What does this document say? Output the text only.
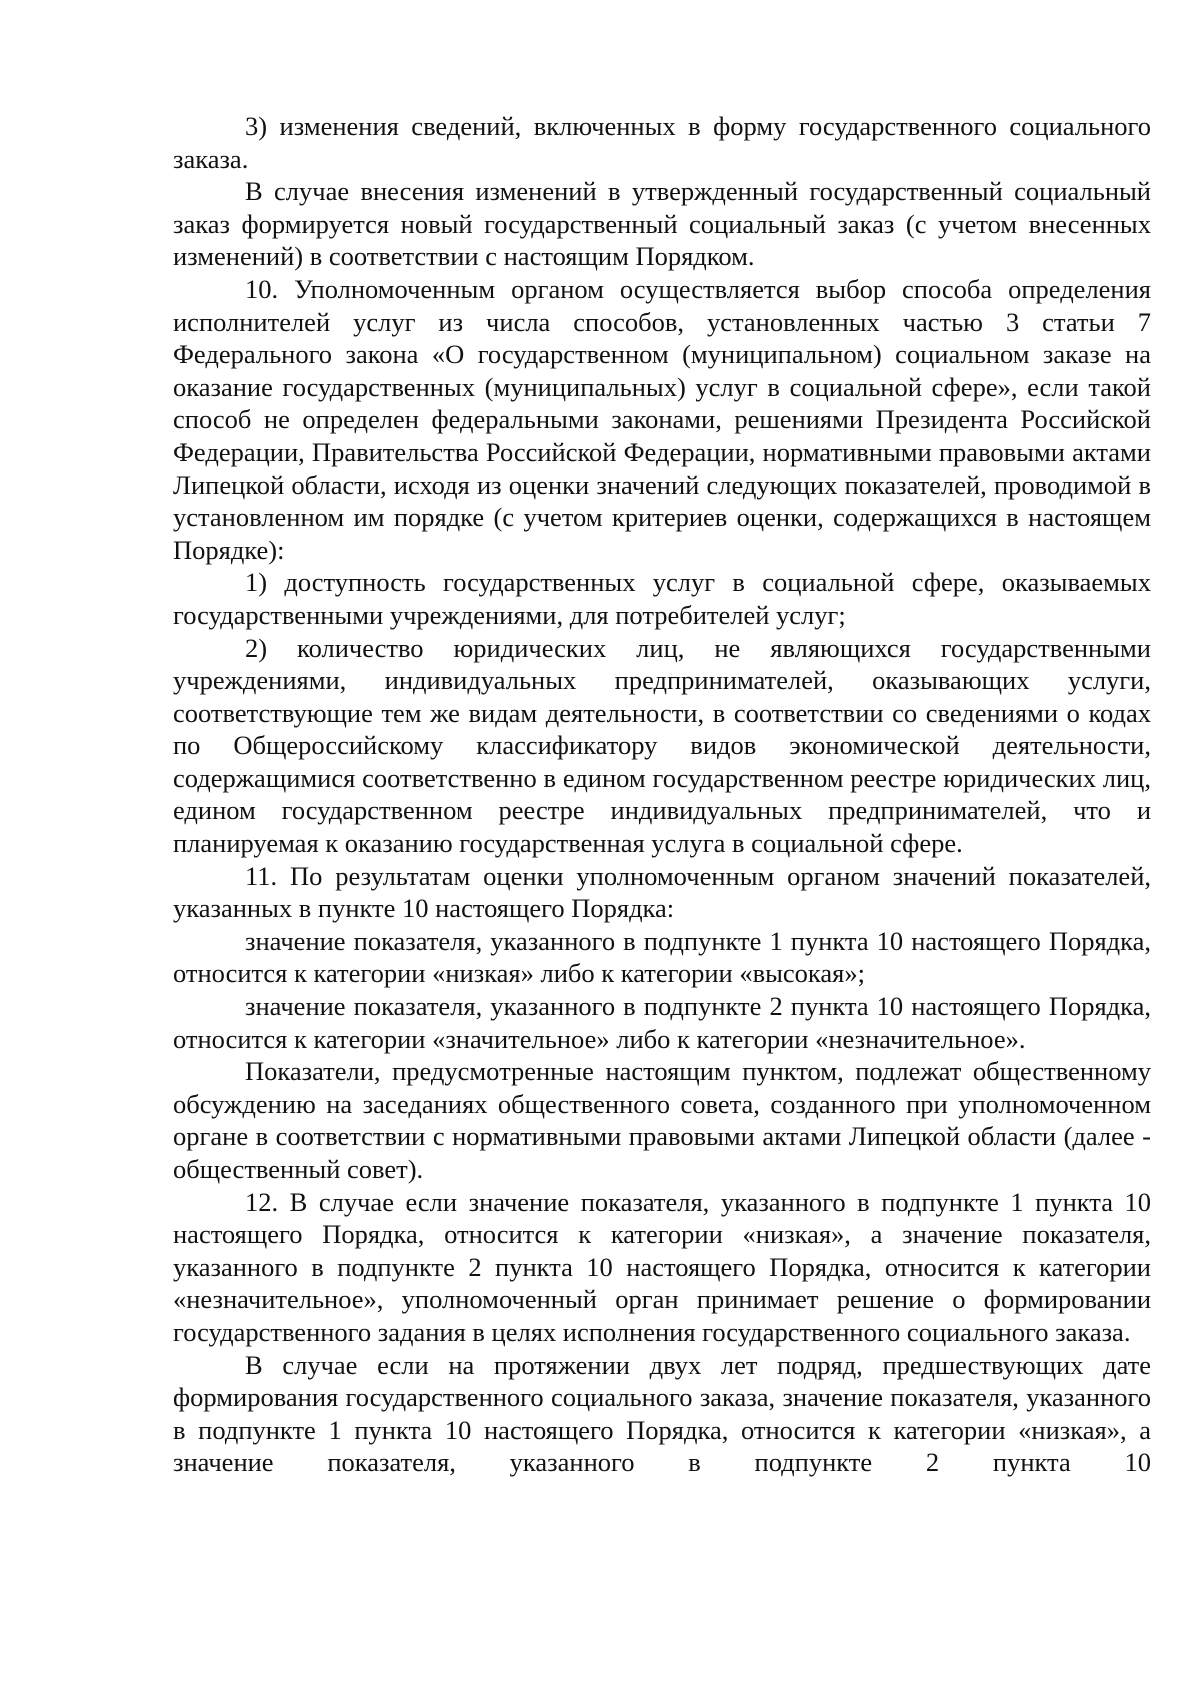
3) изменения сведений, включенных в форму государственного социального заказа.

В случае внесения изменений в утвержденный государственный социальный заказ формируется новый государственный социальный заказ (с учетом внесенных изменений) в соответствии с настоящим Порядком.

10. Уполномоченным органом осуществляется выбор способа определения исполнителей услуг из числа способов, установленных частью 3 статьи 7 Федерального закона «О государственном (муниципальном) социальном заказе на оказание государственных (муниципальных) услуг в социальной сфере», если такой способ не определен федеральными законами, решениями Президента Российской Федерации, Правительства Российской Федерации, нормативными правовыми актами Липецкой области, исходя из оценки значений следующих показателей, проводимой в установленном им порядке (с учетом критериев оценки, содержащихся в настоящем Порядке):

1) доступность государственных услуг в социальной сфере, оказываемых государственными учреждениями, для потребителей услуг;

2) количество юридических лиц, не являющихся государственными учреждениями, индивидуальных предпринимателей, оказывающих услуги, соответствующие тем же видам деятельности, в соответствии со сведениями о кодах по Общероссийскому классификатору видов экономической деятельности, содержащимися соответственно в едином государственном реестре юридических лиц, едином государственном реестре индивидуальных предпринимателей, что и планируемая к оказанию государственная услуга в социальной сфере.

11. По результатам оценки уполномоченным органом значений показателей, указанных в пункте 10 настоящего Порядка:

значение показателя, указанного в подпункте 1 пункта 10 настоящего Порядка, относится к категории «низкая» либо к категории «высокая»;

значение показателя, указанного в подпункте 2 пункта 10 настоящего Порядка, относится к категории «значительное» либо к категории «незначительное».

Показатели, предусмотренные настоящим пунктом, подлежат общественному обсуждению на заседаниях общественного совета, созданного при уполномоченном органе в соответствии с нормативными правовыми актами Липецкой области (далее - общественный совет).

12. В случае если значение показателя, указанного в подпункте 1 пункта 10 настоящего Порядка, относится к категории «низкая», а значение показателя, указанного в подпункте 2 пункта 10 настоящего Порядка, относится к категории «незначительное», уполномоченный орган принимает решение о формировании государственного задания в целях исполнения государственного социального заказа.

В случае если на протяжении двух лет подряд, предшествующих дате формирования государственного социального заказа, значение показателя, указанного в подпункте 1 пункта 10 настоящего Порядка, относится к категории «низкая», а значение показателя, указанного в подпункте 2 пункта 10
